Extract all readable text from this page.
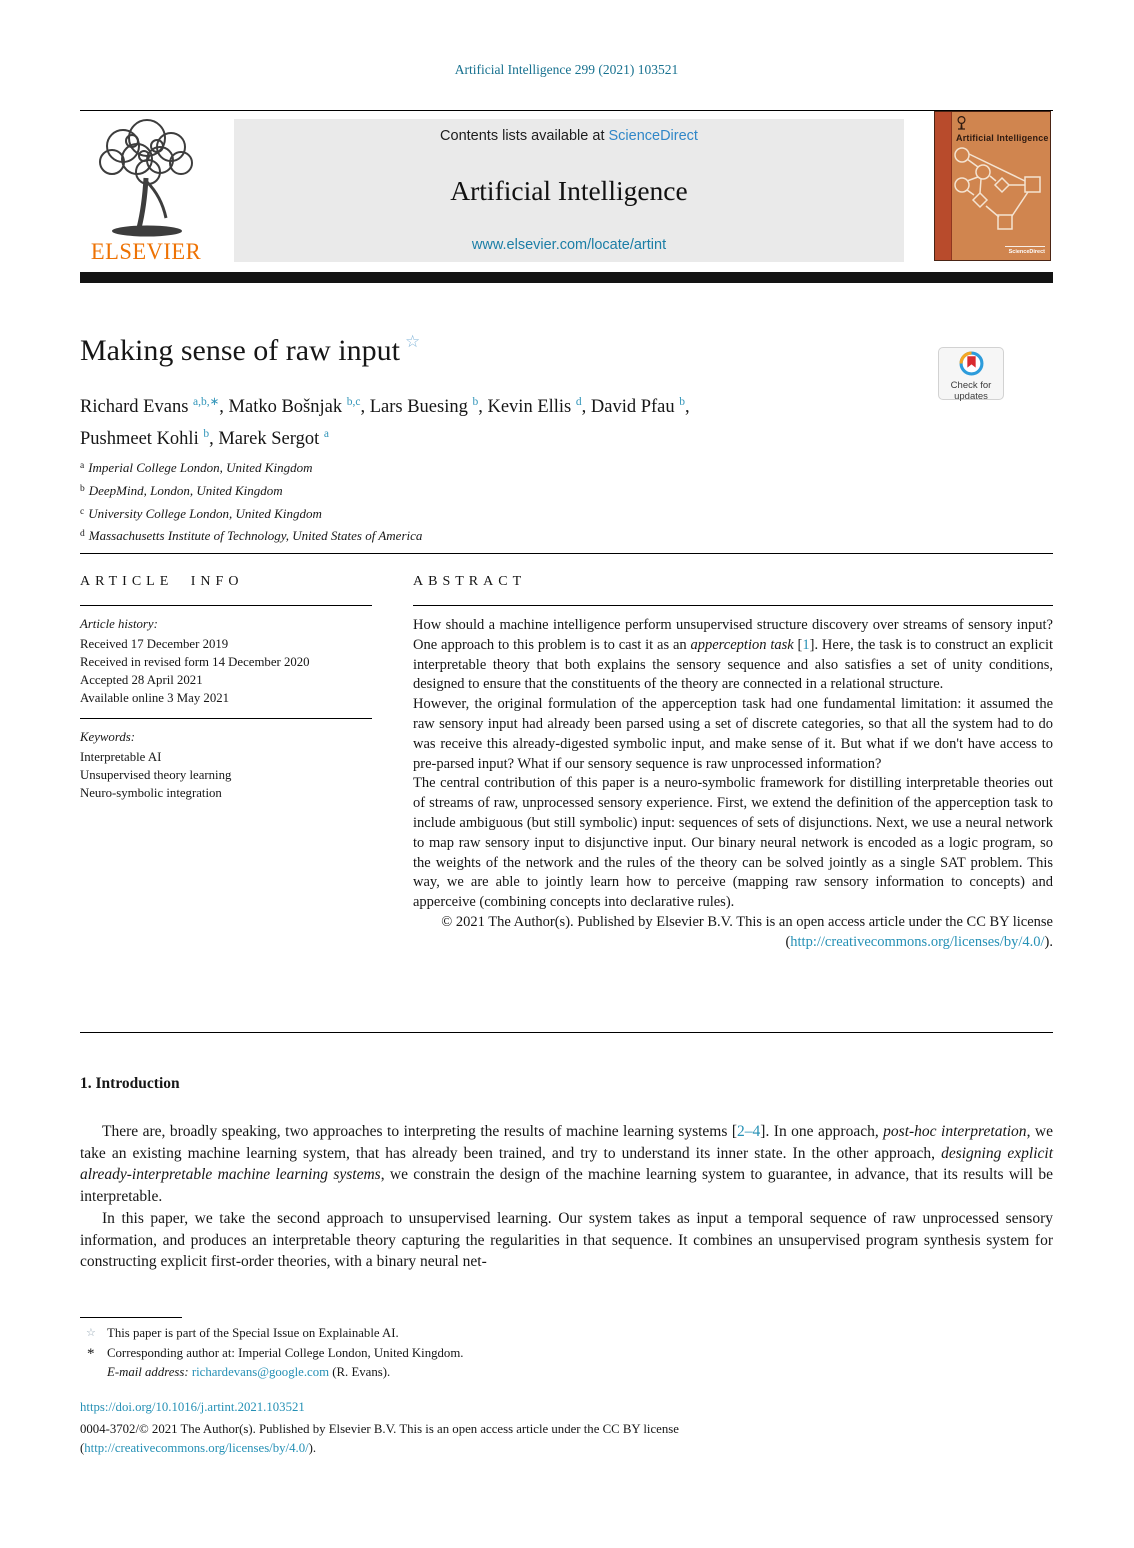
Artificial Intelligence 299 (2021) 103521
ELSEVIER
Contents lists available at ScienceDirect
Artificial Intelligence
www.elsevier.com/locate/artint
Artificial Intelligence
ScienceDirect
Making sense of raw input ☆
Check for
updates
Richard Evans $^{a,b,∗}$, Matko Bošnjak $^{b,c}$, Lars Buesing $^b$, Kevin Ellis $^d$, David Pfau $^b$,
Pushmeet Kohli $^b$, Marek Sergot $^a$
$^a$ Imperial College London, United Kingdom
$^b$ DeepMind, London, United Kingdom
$^c$ University College London, United Kingdom
$^d$ Massachusetts Institute of Technology, United States of America
ARTICLE INFO
Article history:
Received 17 December 2019
Received in revised form 14 December 2020
Accepted 28 April 2021
Available online 3 May 2021
Keywords:
Interpretable AI
Unsupervised theory learning
Neuro-symbolic integration
ABSTRACT

How should a machine intelligence perform unsupervised structure discovery over streams of sensory input? One approach to this problem is to cast it as an apperception task [1]. Here, the task is to construct an explicit interpretable theory that both explains the sensory sequence and also satisfies a set of unity conditions, designed to ensure that the constituents of the theory are connected in a relational structure.

However, the original formulation of the apperception task had one fundamental limitation: it assumed the raw sensory input had already been parsed using a set of discrete categories, so that all the system had to do was receive this already-digested symbolic input, and make sense of it. But what if we don't have access to pre-parsed input? What if our sensory sequence is raw unprocessed information?

The central contribution of this paper is a neuro-symbolic framework for distilling interpretable theories out of streams of raw, unprocessed sensory experience. First, we extend the definition of the apperception task to include ambiguous (but still symbolic) input: sequences of sets of disjunctions. Next, we use a neural network to map raw sensory input to disjunctive input. Our binary neural network is encoded as a logic program, so the weights of the network and the rules of the theory can be solved jointly as a single SAT problem. This way, we are able to jointly learn how to perceive (mapping raw sensory information to concepts) and apperceive (combining concepts into declarative rules).

© 2021 The Author(s). Published by Elsevier B.V. This is an open access article under the CC BY license (http://creativecommons.org/licenses/by/4.0/).

1. Introduction

There are, broadly speaking, two approaches to interpreting the results of machine learning systems [2–4]. In one approach, post-hoc interpretation, we take an existing machine learning system, that has already been trained, and try to understand its inner state. In the other approach, designing explicit already-interpretable machine learning systems, we constrain the design of the machine learning system to guarantee, in advance, that its results will be interpretable.

In this paper, we take the second approach to unsupervised learning. Our system takes as input a temporal sequence of raw unprocessed sensory information, and produces an interpretable theory capturing the regularities in that sequence. It combines an unsupervised program synthesis system for constructing explicit first-order theories, with a binary neural net-

☆ This paper is part of the Special Issue on Explainable AI.
* Corresponding author at: Imperial College London, United Kingdom.
E-mail address: richardevans@google.com (R. Evans).
https://doi.org/10.1016/j.artint.2021.103521
0004-3702/© 2021 The Author(s). Published by Elsevier B.V. This is an open access article under the CC BY license
(http://creativecommons.org/licenses/by/4.0/).
